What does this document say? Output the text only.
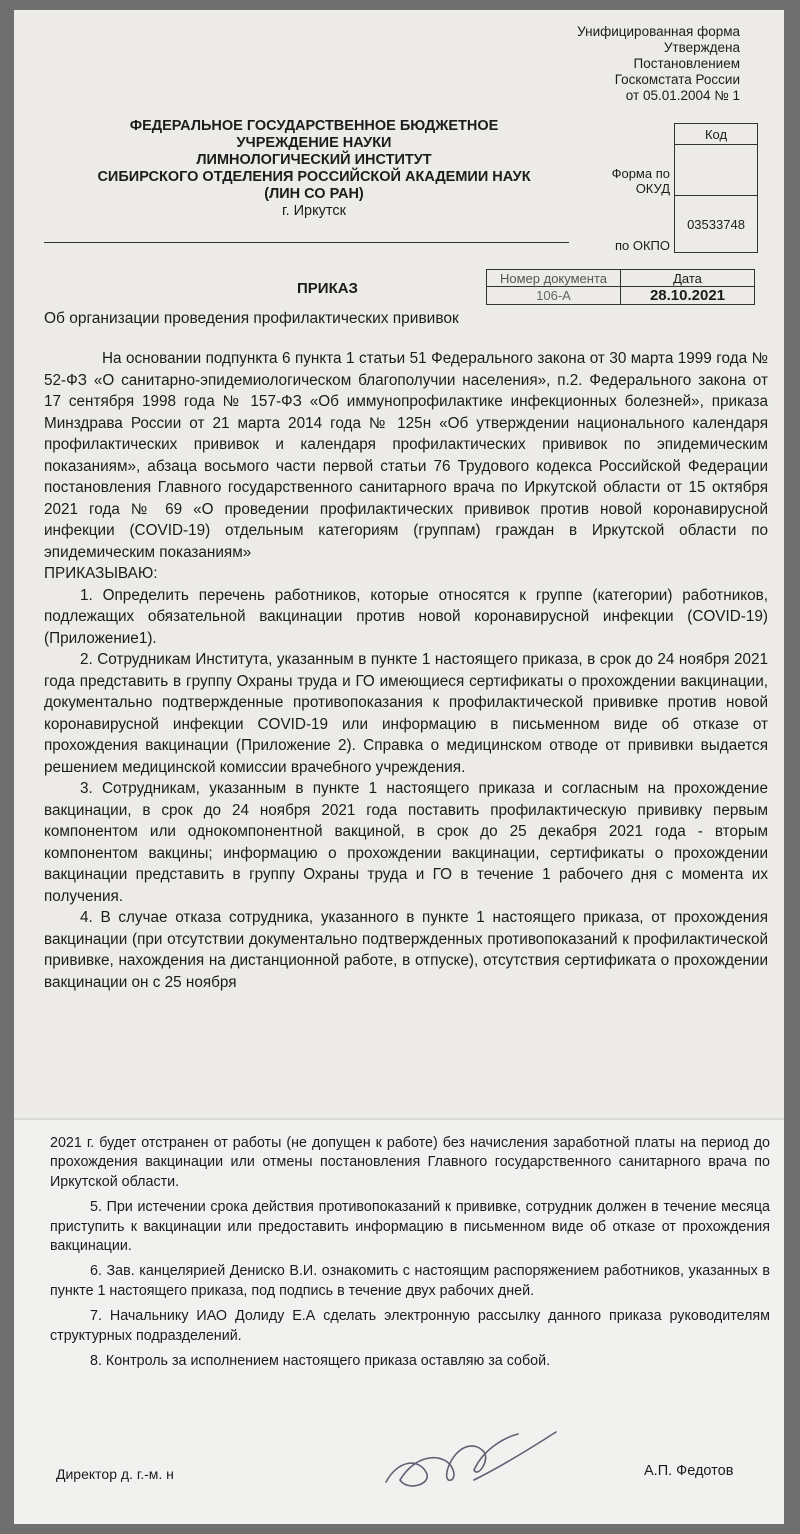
Унифицированная форма
Утверждена
Постановлением
Госкомстата России
от 05.01.2004 № 1
ФЕДЕРАЛЬНОЕ ГОСУДАРСТВЕННОЕ БЮДЖЕТНОЕ
УЧРЕЖДЕНИЕ НАУКИ
ЛИМНОЛОГИЧЕСКИЙ ИНСТИТУТ
СИБИРСКОГО ОТДЕЛЕНИЯ РОССИЙСКОЙ АКАДЕМИИ НАУК
(ЛИН СО РАН)
г. Иркутск
	Код
Форма по ОКУД	
по ОКПО	03533748
Номер документа	Дата
106-А	28.10.2021
ПРИКАЗ
Об организации проведения профилактических прививок

На основании подпункта 6 пункта 1 статьи 51 Федерального закона от 30 марта 1999 года № 52-ФЗ «О санитарно-эпидемиологическом благополучии населения», п.2. Федерального закона от 17 сентября 1998 года № 157-ФЗ «Об иммунопрофилактике инфекционных болезней», приказа Минздрава России от 21 марта 2014 года № 125н «Об утверждении национального календаря профилактических прививок и календаря профилактических прививок по эпидемическим показаниям», абзаца восьмого части первой статьи 76 Трудового кодекса Российской Федерации постановления Главного государственного санитарного врача по Иркутской области от 15 октября 2021 года № 69 «О проведении профилактических прививок против новой коронавирусной инфекции (COVID-19) отдельным категориям (группам) граждан в Иркутской области по эпидемическим показаниям»

ПРИКАЗЫВАЮ:

1. Определить перечень работников, которые относятся к группе (категории) работников, подлежащих обязательной вакцинации против новой коронавирусной инфекции (COVID-19) (Приложение1).

2. Сотрудникам Института, указанным в пункте 1 настоящего приказа, в срок до 24 ноября 2021 года представить в группу Охраны труда и ГО имеющиеся сертификаты о прохождении вакцинации, документально подтвержденные противопоказания к профилактической прививке против новой коронавирусной инфекции COVID-19 или информацию в письменном виде об отказе от прохождения вакцинации (Приложение 2). Справка о медицинском отводе от прививки выдается решением медицинской комиссии врачебного учреждения.

3. Сотрудникам, указанным в пункте 1 настоящего приказа и согласным на прохождение вакцинации, в срок до 24 ноября 2021 года поставить профилактическую прививку первым компонентом или однокомпонентной вакциной, в срок до 25 декабря 2021 года - вторым компонентом вакцины; информацию о прохождении вакцинации, сертификаты о прохождении вакцинации представить в группу Охраны труда и ГО в течение 1 рабочего дня с момента их получения.

4. В случае отказа сотрудника, указанного в пункте 1 настоящего приказа, от прохождения вакцинации (при отсутствии документально подтвержденных противопоказаний к профилактической прививке, нахождения на дистанционной работе, в отпуске), отсутствия сертификата о прохождении вакцинации он с 25 ноября

2021 г. будет отстранен от работы (не допущен к работе) без начисления заработной платы на период до прохождения вакцинации или отмены постановления Главного государственного санитарного врача по Иркутской области.

5. При истечении срока действия противопоказаний к прививке, сотрудник должен в течение месяца приступить к вакцинации или предоставить информацию в письменном виде об отказе от прохождения вакцинации.

6. Зав. канцелярией Дениско В.И. ознакомить с настоящим распоряжением работников, указанных в пункте 1 настоящего приказа, под подпись в течение двух рабочих дней.

7. Начальнику ИАО Долиду Е.А сделать электронную рассылку данного приказа руководителям структурных подразделений.

8. Контроль за исполнением настоящего приказа оставляю за собой.

Директор д. г.-м. н	А.П. Федотов
